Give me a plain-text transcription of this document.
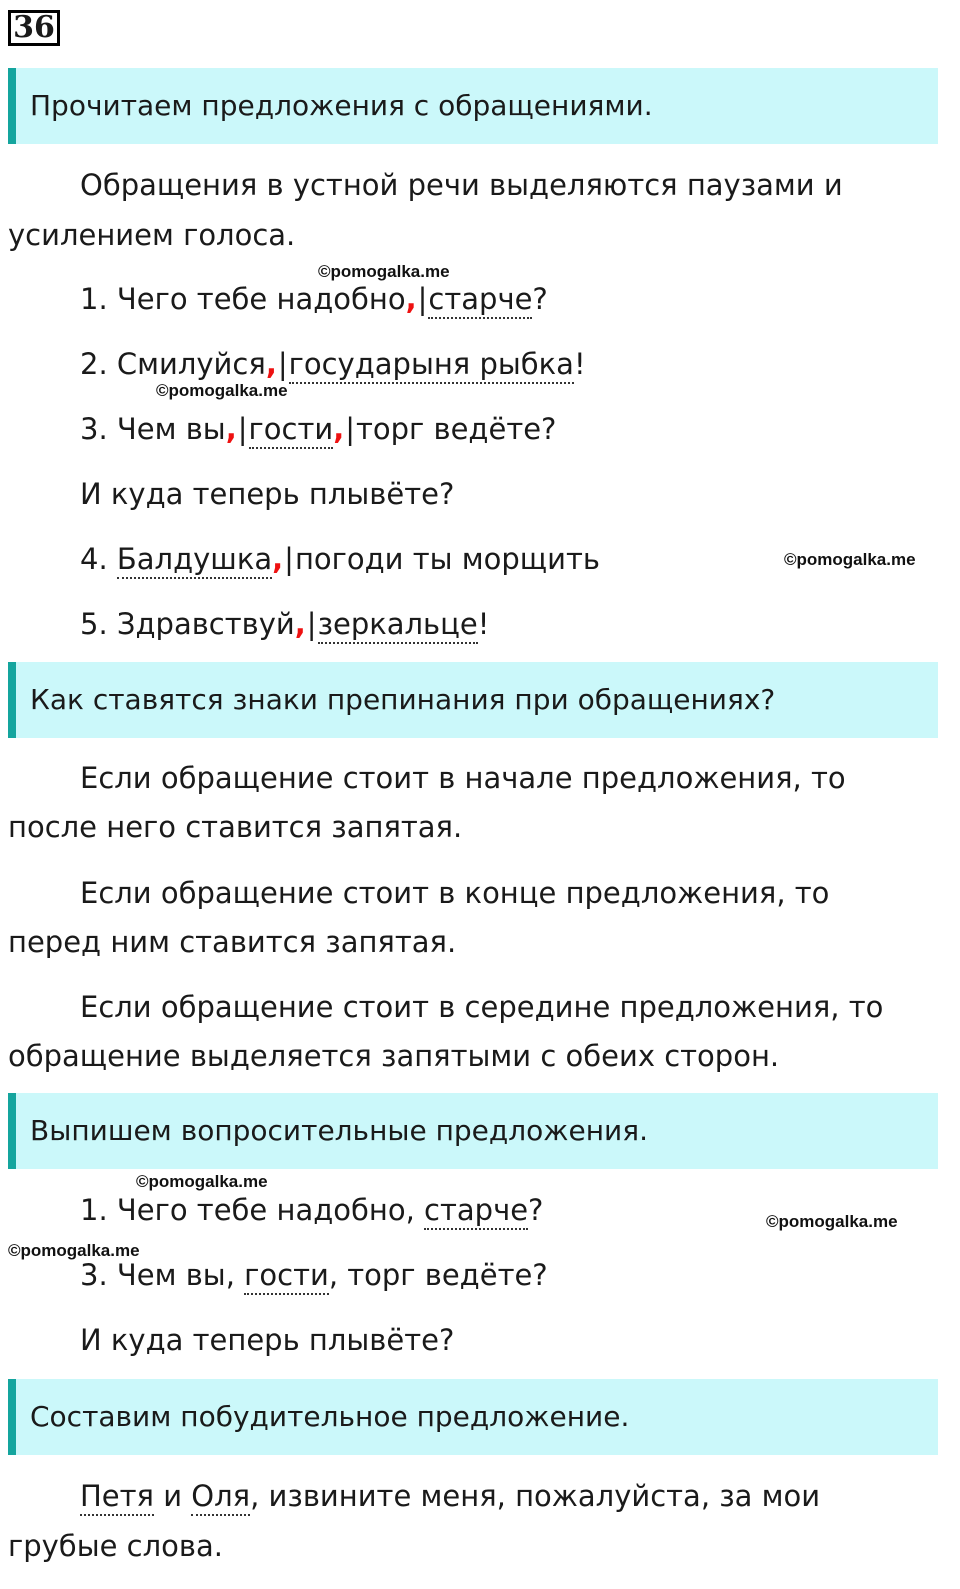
36
Прочитаем предложения с обращениями.
Обращения в устной речи выделяются паузами и
усилением голоса.
©pomogalka.me
1. Чего тебе надобно,|старче?
2. Смилуйся,|государыня рыбка!
©pomogalka.me
3. Чем вы,|гости,|торг ведёте?
И куда теперь плывёте?
4. Балдушка,|погоди ты морщить	©pomogalka.me
5. Здравствуй,|зеркальце!
Как ставятся знаки препинания при обращениях?
Если обращение стоит в начале предложения, то
после него ставится запятая.
Если обращение стоит в конце предложения, то
перед ним ставится запятая.
Если обращение стоит в середине предложения, то
обращение выделяется запятыми с обеих сторон.
Выпишем вопросительные предложения.
©pomogalka.me
1. Чего тебе надобно, старче?	©pomogalka.me
©pomogalka.me
3. Чем вы, гости, торг ведёте?
И куда теперь плывёте?
Составим побудительное предложение.
Петя и Оля, извините меня, пожалуйста, за мои
грубые слова.
